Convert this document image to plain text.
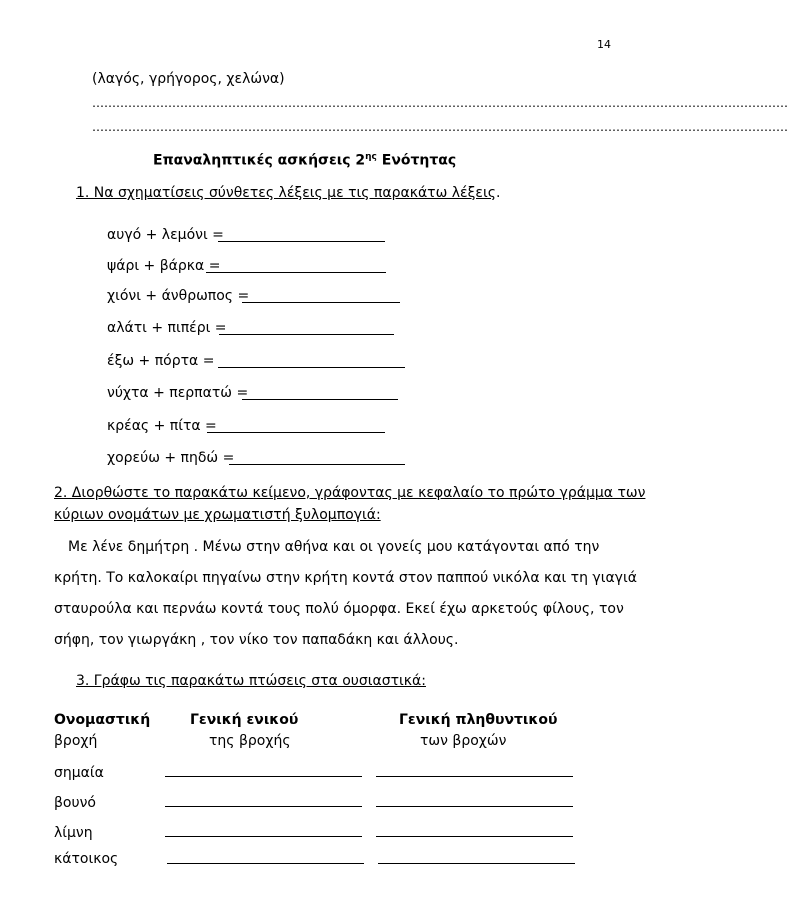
14
(λαγός, γρήγορος, χελώνα)
…………………………………………………………………………………………………………………………………………………………
…………………………………………………………………………………………………………………………………………………………
Επαναληπτικές ασκήσεις $2^{\eta\varsigma}$ Ενότητας
1. Να σχηματίσεις σύνθετες λέξεις με τις παρακάτω λέξεις.
αυγό + λεμόνι =
ψάρι + βάρκα =
χιόνι + άνθρωπος =
αλάτι + πιπέρι =
έξω + πόρτα =
νύχτα + περπατώ =
κρέας + πίτα =
χορεύω + πηδώ =
2. Διορθώστε το παρακάτω κείμενο, γράφοντας με κεφαλαίο το πρώτο γράμμα των
κύριων ονομάτων με χρωματιστή ξυλομπογιά:
Με λένε δημήτρη . Μένω στην αθήνα και οι γονείς μου κατάγονται από την
κρήτη. Το καλοκαίρι πηγαίνω στην κρήτη κοντά στον παππού νικόλα και τη γιαγιά
σταυρούλα και περνάω κοντά τους πολύ όμορφα. Εκεί έχω αρκετούς φίλους, τον
σήφη, τον γιωργάκη , τον νίκο τον παπαδάκη και άλλους.
3. Γράφω τις παρακάτω πτώσεις στα ουσιαστικά:
Ονομαστική	Γενική ενικού	Γενική πληθυντικού
βροχή	της βροχής	των βροχών
σημαία
βουνό
λίμνη
κάτοικος
